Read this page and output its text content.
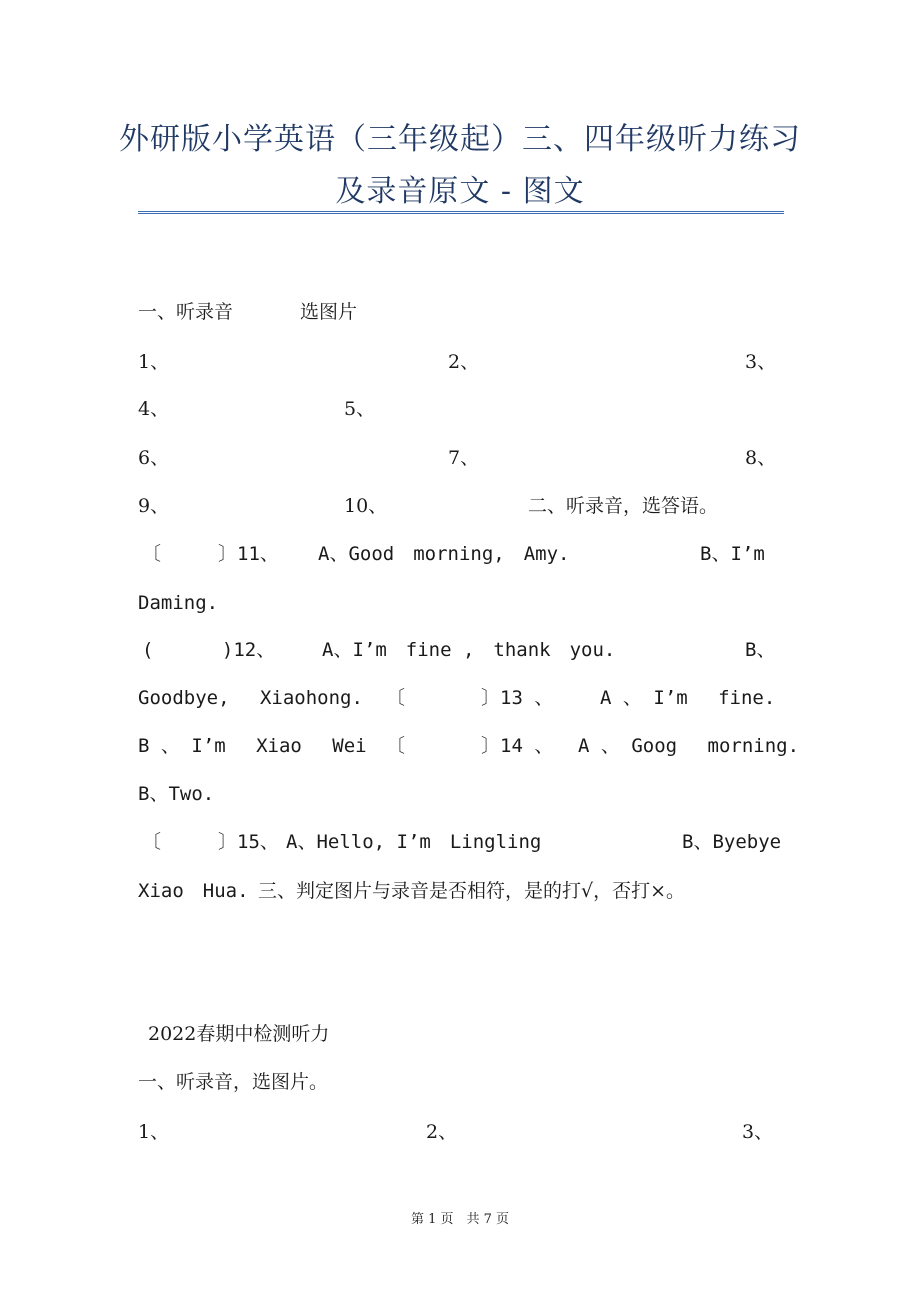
外研版小学英语（三年级起）三、四年级听力练习
及录音原文 - 图文
一、听录音	选图片
1、	2、	3、
4、	5、
6、	7、	8、
9、	10、	二、听录音，选答语。
〔　　　〕11、 A、Good　morning,　Amy.	B、I’m
Daming.
(　　　 )12、 A、I’m　fine ,　thank　you.	B、
Goodbye,　 Xiaohong. 〔　　　　〕13 、 A 、 I’m　 fine.
B 、 I’m　 Xiao　 Wei 〔　　　　〕14 、 A 、 Goog　 morning.
B、Two.
〔　　　〕15、 A、Hello, I’m　Lingling	B、Byebye
Xiao　Hua. 三、判定图片与录音是否相符，是的打√，否打×。
2022春期中检测听力
一、听录音，选图片。
1、	2、	3、
第 1 页　共 7 页
